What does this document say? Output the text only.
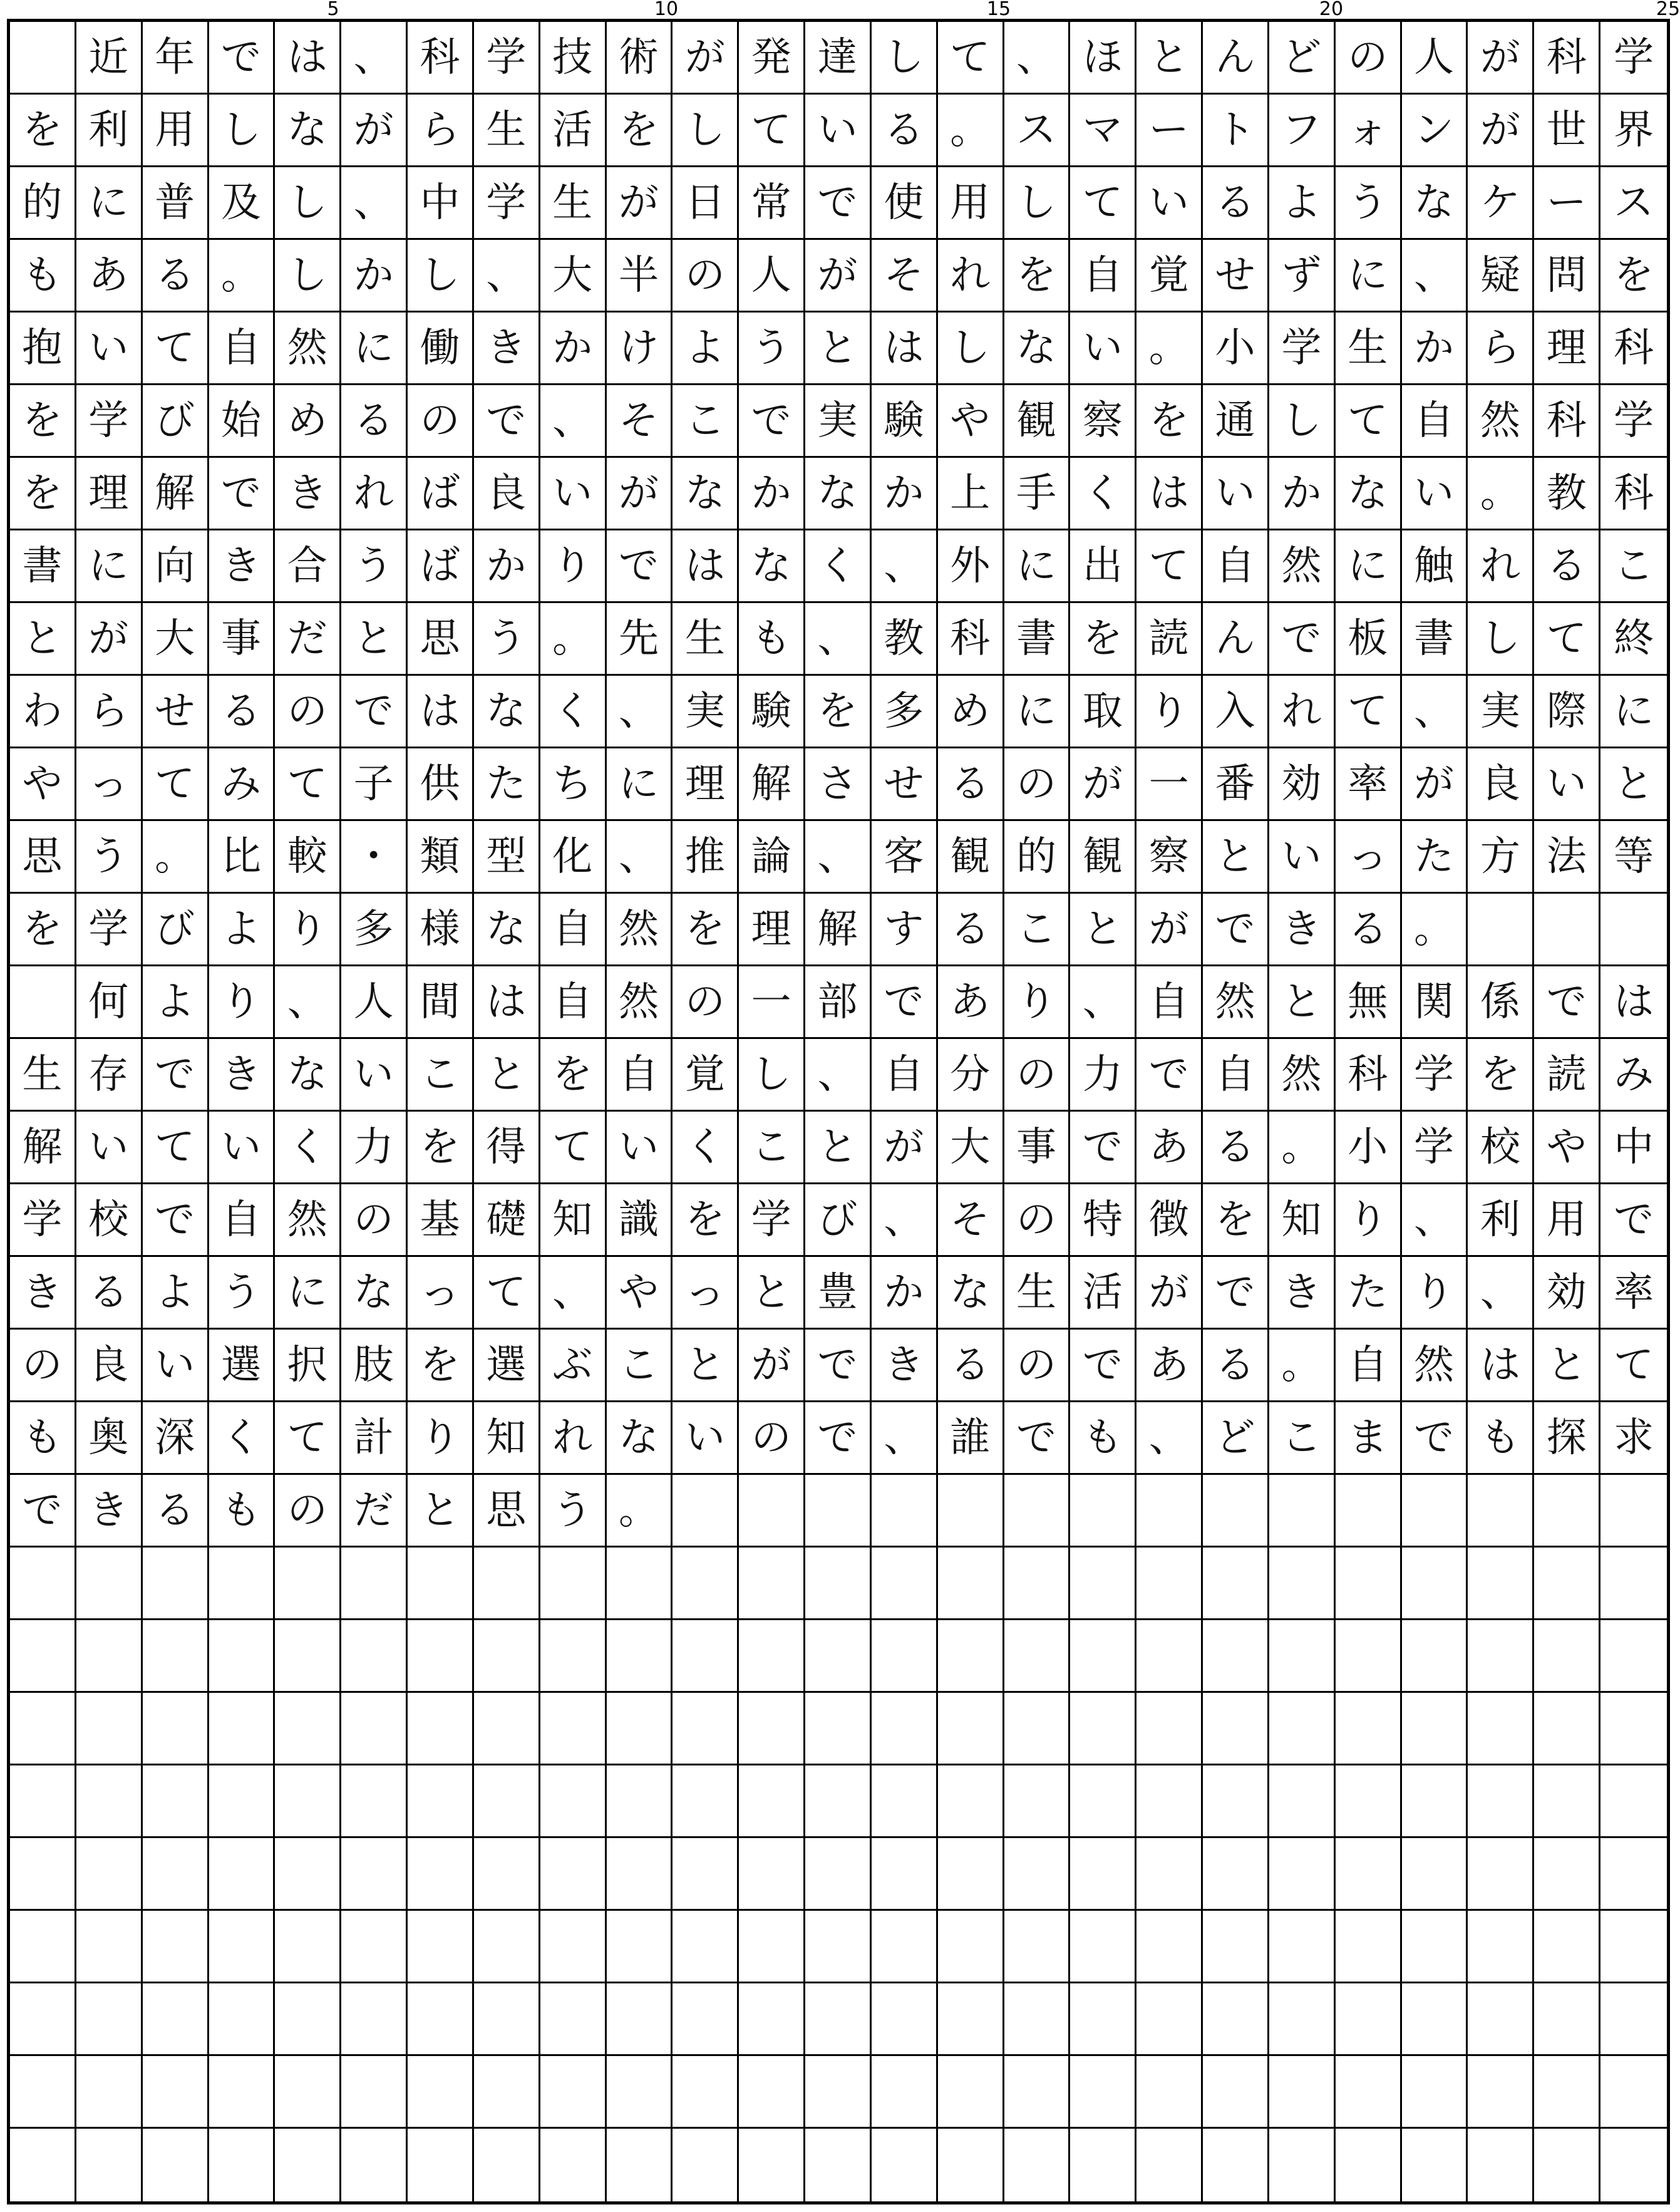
5	10	15	20	25
近 年 で は 、 科 学 技 術 が 発 達 し て 、 ほ と ん ど の 人 が 科 学
を 利 用 し な が ら 生 活 を し て い る 。 ス マ ー ト フ ォ ン が 世 界
的 に 普 及 し 、 中 学 生 が 日 常 で 使 用 し て い る よ う な ケ ー ス
も あ る 。 し か し 、 大 半 の 人 が そ れ を 自 覚 せ ず に 、 疑 問 を
抱 い て 自 然 に 働 き か け よ う と は し な い 。 小 学 生 か ら 理 科
を 学 び 始 め る の で 、 そ こ で 実 験 や 観 察 を 通 し て 自 然 科 学
を 理 解 で き れ ば 良 い が な か な か 上 手 く は い か な い 。 教 科
書 に 向 き 合 う ば か り で は な く 、 外 に 出 て 自 然 に 触 れ る こ
と が 大 事 だ と 思 う 。 先 生 も 、 教 科 書 を 読 ん で 板 書 し て 終
わ ら せ る の で は な く 、 実 験 を 多 め に 取 り 入 れ て 、 実 際 に
や っ て み て 子 供 た ち に 理 解 さ せ る の が 一 番 効 率 が 良 い と
思 う 。 比 較 ・ 類 型 化 、 推 論 、 客 観 的 観 察 と い っ た 方 法 等
を 学 び よ り 多 様 な 自 然 を 理 解 す る こ と が で き る 。
何 よ り 、 人 間 は 自 然 の 一 部 で あ り 、 自 然 と 無 関 係 で は
生 存 で き な い こ と を 自 覚 し 、 自 分 の 力 で 自 然 科 学 を 読 み
解 い て い く 力 を 得 て い く こ と が 大 事 で あ る 。 小 学 校 や 中
学 校 で 自 然 の 基 礎 知 識 を 学 び 、 そ の 特 徴 を 知 り 、 利 用 で
き る よ う に な っ て 、 や っ と 豊 か な 生 活 が で き た り 、 効 率
の 良 い 選 択 肢 を 選 ぶ こ と が で き る の で あ る 。 自 然 は と て
も 奥 深 く て 計 り 知 れ な い の で 、 誰 で も 、 ど こ ま で も 探 求
で き る も の だ と 思 う 。
